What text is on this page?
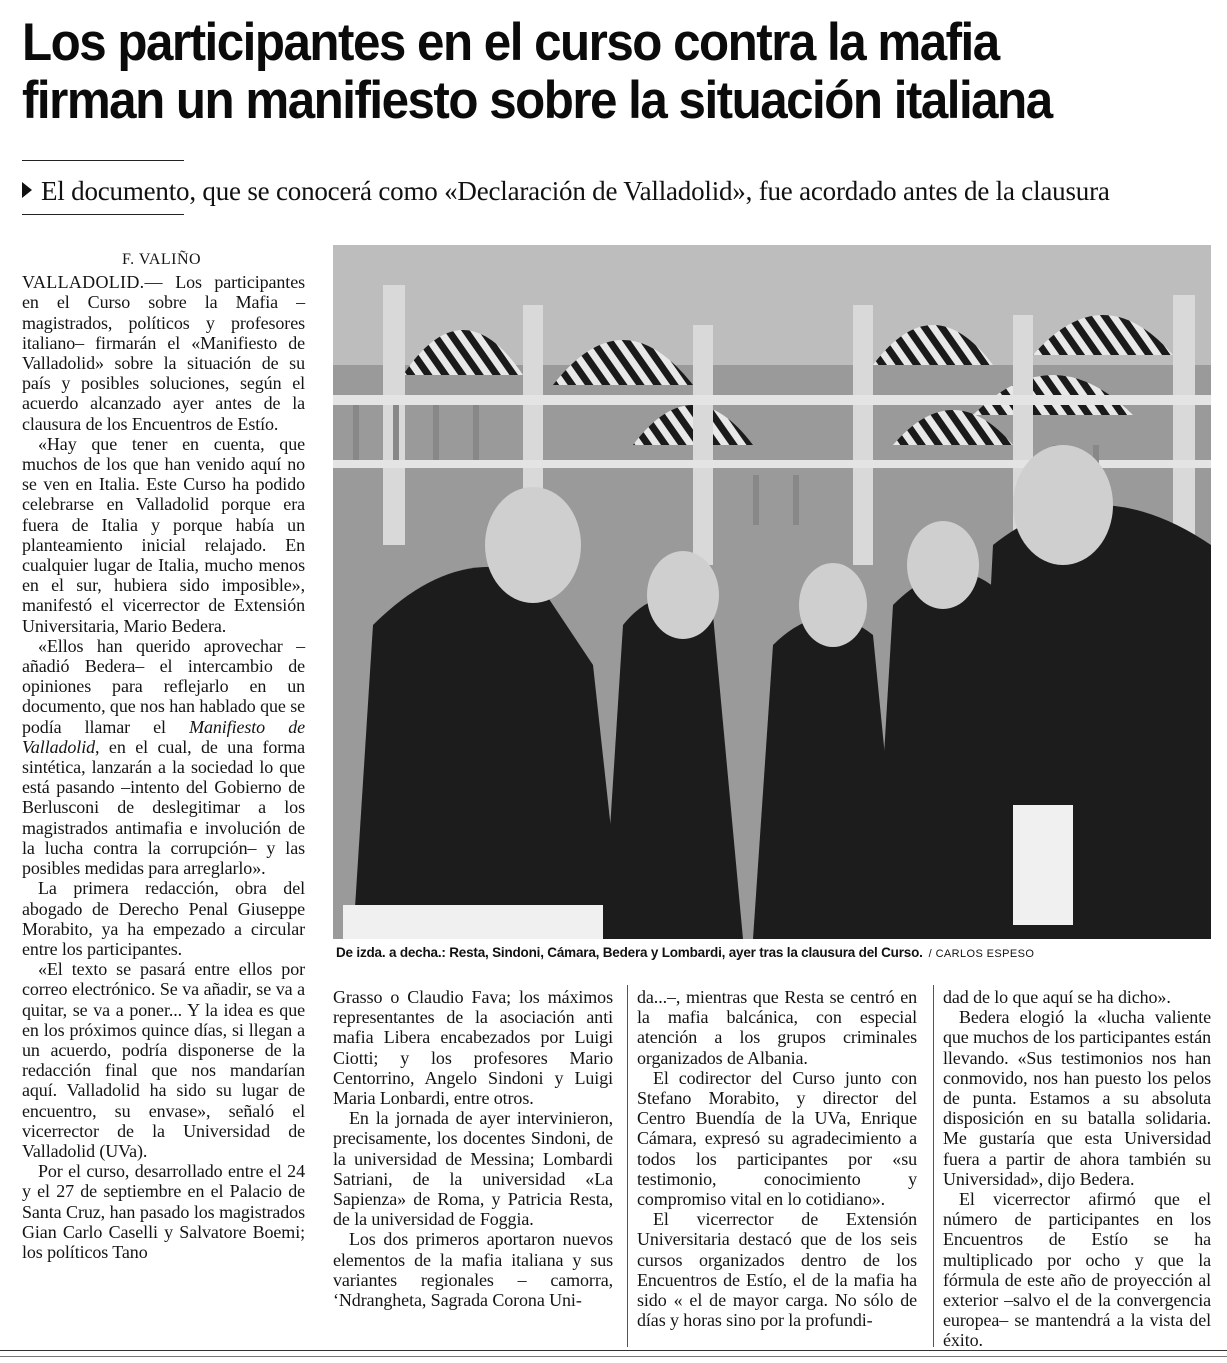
Los participantes en el curso contra la mafia
firman un manifiesto sobre la situación italiana
El documento, que se conocerá como «Declaración de Valladolid», fue acordado antes de la clausura
F. VALIÑO

VALLADOLID.— Los participantes en el Curso sobre la Mafia –magistrados, políticos y profesores italiano– firmarán el «Manifiesto de Valladolid» sobre la situación de su país y posibles soluciones, según el acuerdo alcanzado ayer antes de la clausura de los Encuentros de Estío.

«Hay que tener en cuenta, que muchos de los que han venido aquí no se ven en Italia. Este Curso ha podido celebrarse en Valladolid porque era fuera de Italia y porque había un planteamiento inicial relajado. En cualquier lugar de Italia, mucho menos en el sur, hubiera sido imposible», manifestó el vicerrector de Extensión Universitaria, Mario Bedera.

«Ellos han querido aprovechar –añadió Bedera– el intercambio de opiniones para reflejarlo en un documento, que nos han hablado que se podía llamar el Manifiesto de Valladolid, en el cual, de una forma sintética, lanzarán a la sociedad lo que está pasando –intento del Gobierno de Berlusconi de deslegitimar a los magistrados antimafia e involución de la lucha contra la corrupción– y las posibles medidas para arreglarlo».

La primera redacción, obra del abogado de Derecho Penal Giuseppe Morabito, ya ha empezado a circular entre los participantes.

«El texto se pasará entre ellos por correo electrónico. Se va añadir, se va a quitar, se va a poner... Y la idea es que en los próximos quince días, si llegan a un acuerdo, podría disponerse de la redacción final que nos mandarían aquí. Valladolid ha sido su lugar de encuentro, su envase», señaló el vicerrector de la Universidad de Valladolid (UVa).

Por el curso, desarrollado entre el 24 y el 27 de septiembre en el Palacio de Santa Cruz, han pasado los magistrados Gian Carlo Caselli y Salvatore Boemi; los políticos Tano

De izda. a decha.: Resta, Sindoni, Cámara, Bedera y Lombardi, ayer tras la clausura del Curso. / CARLOS ESPESO

Grasso o Claudio Fava; los máximos representantes de la asociación anti mafia Libera encabezados por Luigi Ciotti; y los profesores Mario Centorrino, Angelo Sindoni y Luigi Maria Lonbardi, entre otros.

En la jornada de ayer intervinieron, precisamente, los docentes Sindoni, de la universidad de Messina; Lombardi Satriani, de la universidad «La Sapienza» de Roma, y Patricia Resta, de la universidad de Foggia.

Los dos primeros aportaron nuevos elementos de la mafia italiana y sus variantes regionales – camorra, ‘Ndrangheta, Sagrada Corona Uni-

da...–, mientras que Resta se centró en la mafia balcánica, con especial atención a los grupos criminales organizados de Albania.

El codirector del Curso junto con Stefano Morabito, y director del Centro Buendía de la UVa, Enrique Cámara, expresó su agradecimiento a todos los participantes por «su testimonio, conocimiento y compromiso vital en lo cotidiano».

El vicerrector de Extensión Universitaria destacó que de los seis cursos organizados dentro de los Encuentros de Estío, el de la mafia ha sido « el de mayor carga. No sólo de días y horas sino por la profundi-

dad de lo que aquí se ha dicho».

Bedera elogió la «lucha valiente que muchos de los participantes están llevando. «Sus testimonios nos han conmovido, nos han puesto los pelos de punta. Estamos a su absoluta disposición en su batalla solidaria. Me gustaría que esta Universidad fuera a partir de ahora también su Universidad», dijo Bedera.

El vicerrector afirmó que el número de participantes en los Encuentros de Estío se ha multiplicado por ocho y que la fórmula de este año de proyección al exterior –salvo el de la convergencia europea– se mantendrá a la vista del éxito.
